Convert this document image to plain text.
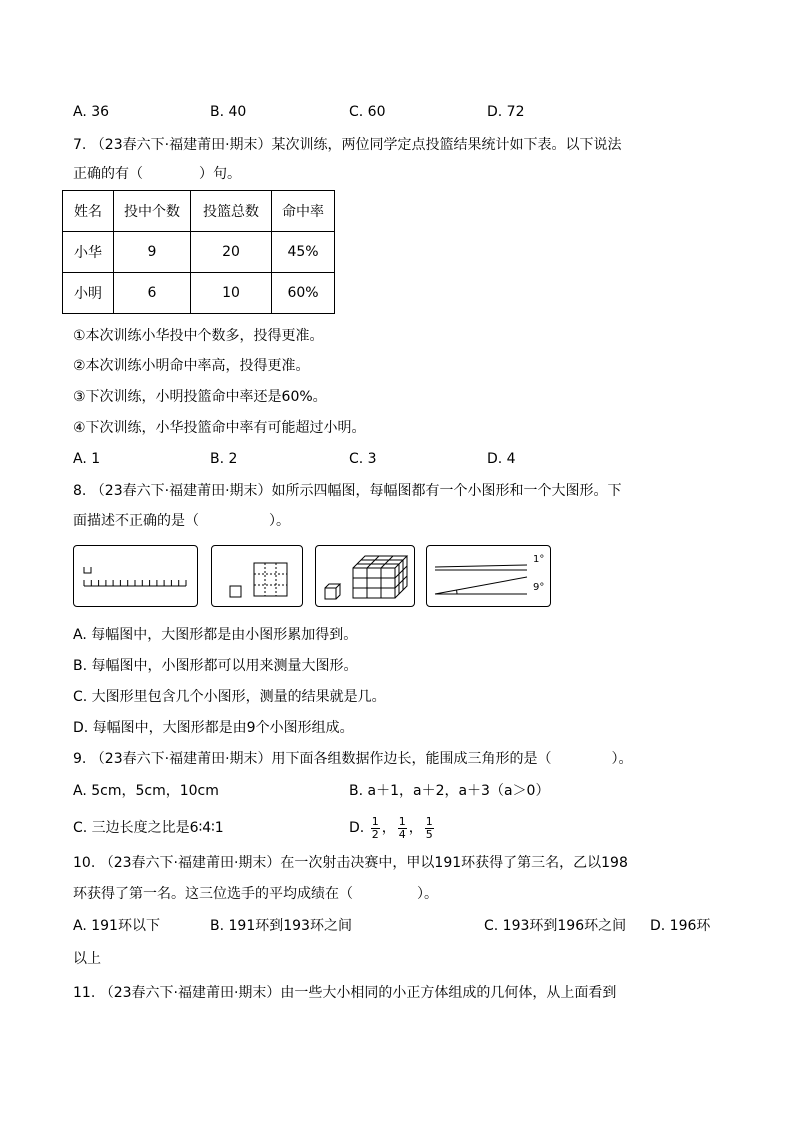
A. 36	B. 40	C. 60	D. 72
7. （23春六下·福建莆田·期末）某次训练，两位同学定点投篮结果统计如下表。以下说法
正确的有（	）句。
姓名	投中个数	投篮总数	命中率
小华	9	20	45%
小明	6	10	60%
①本次训练小华投中个数多，投得更准。
②本次训练小明命中率高，投得更准。
③下次训练，小明投篮命中率还是60%。
④下次训练，小华投篮命中率有可能超过小明。
A. 1	B. 2	C. 3	D. 4
8. （23春六下·福建莆田·期末）如所示四幅图，每幅图都有一个小图形和一个大图形。下
面描述不正确的是（	）。
1°
9°
A. 每幅图中，大图形都是由小图形累加得到。
B. 每幅图中，小图形都可以用来测量大图形。
C. 大图形里包含几个小图形，测量的结果就是几。
D. 每幅图中，大图形都是由9个小图形组成。
9. （23春六下·福建莆田·期末）用下面各组数据作边长，能围成三角形的是（	）。
A. 5cm，5cm，10cm	B. a＋1，a＋2，a＋3（a＞0）
C. 三边长度之比是6∶4∶1	D. $\frac{1}{2}$ ， $\frac{1}{4}$ ， $\frac{1}{5}$
10. （23春六下·福建莆田·期末）在一次射击决赛中，甲以191环获得了第三名，乙以198
环获得了第一名。这三位选手的平均成绩在（	）。
A. 191环以下	B. 191环到193环之间	C. 193环到196环之间 D. 196环
以上
11. （23春六下·福建莆田·期末）由一些大小相同的小正方体组成的几何体，从上面看到
